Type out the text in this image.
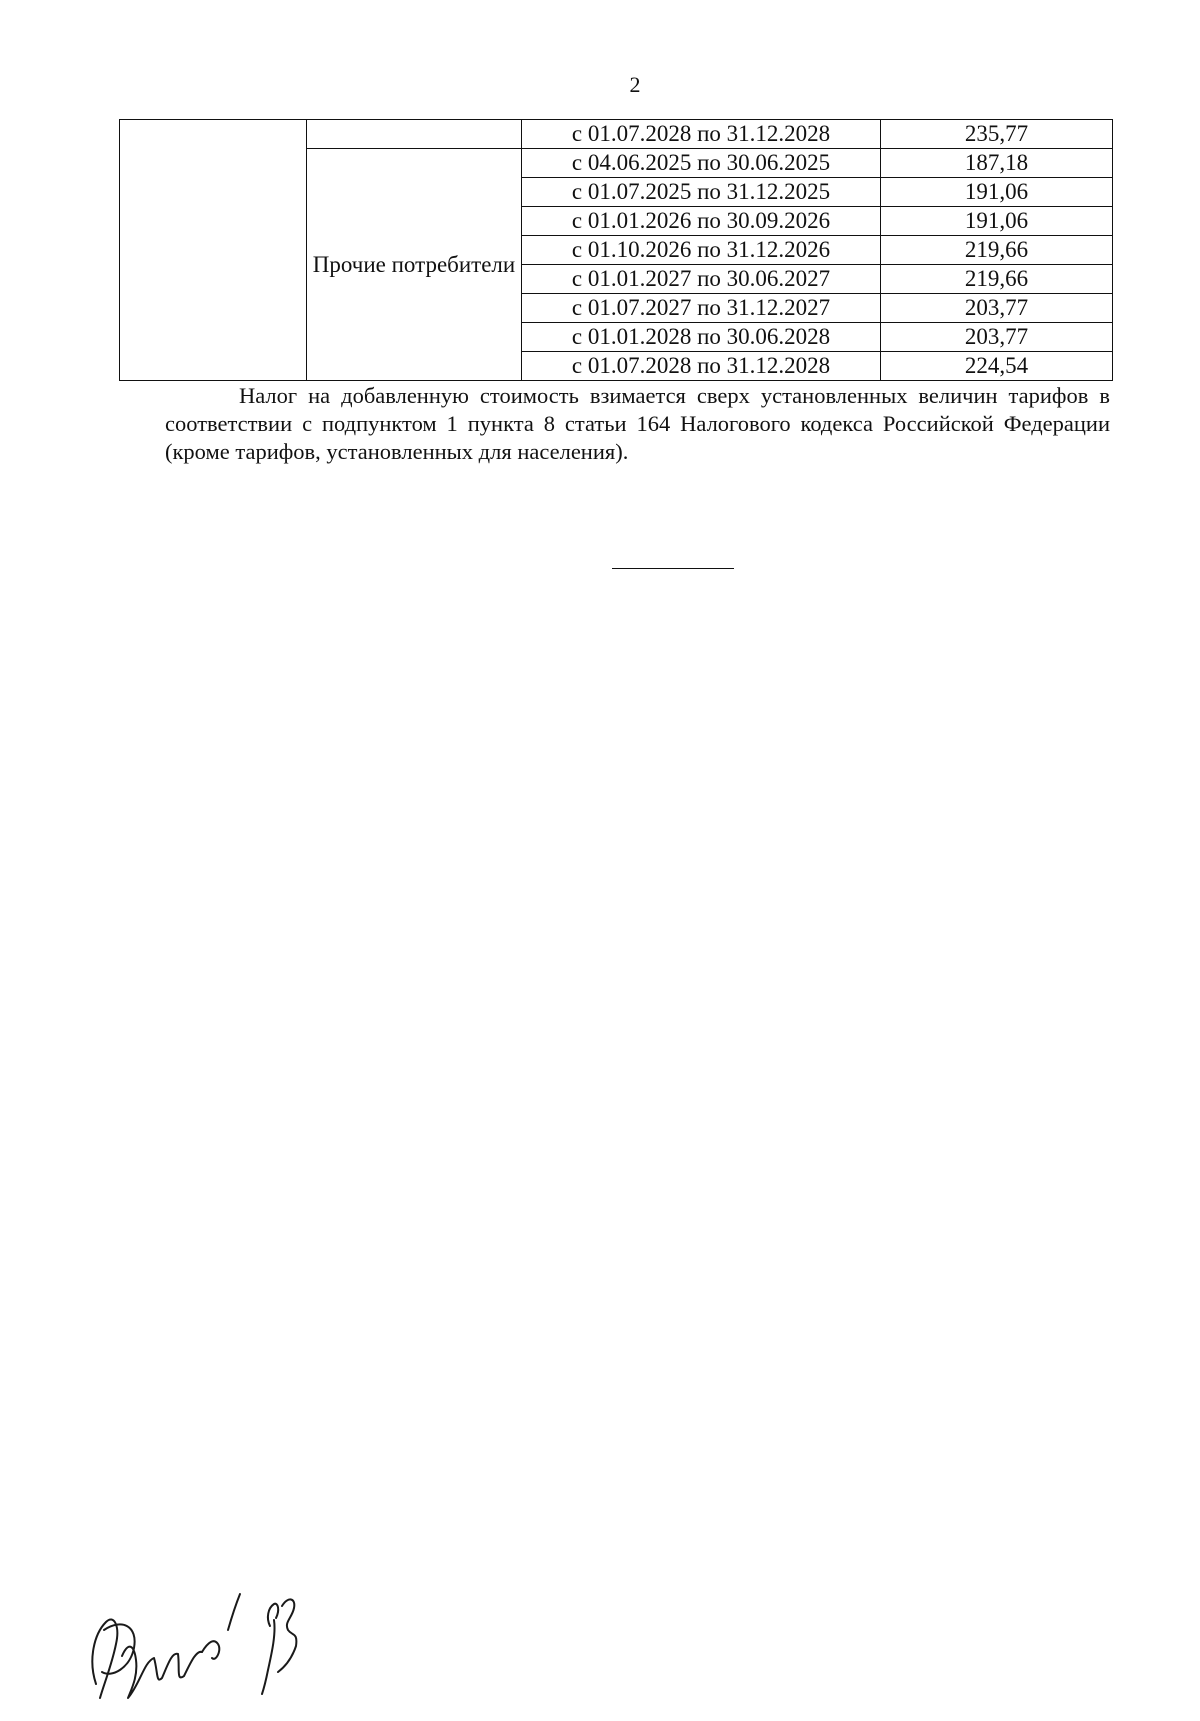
2
		с 01.07.2028 по 31.12.2028	235,77
	Прочие потребители	с 04.06.2025 по 30.06.2025	187,18
		с 01.07.2025 по 31.12.2025	191,06
		с 01.01.2026 по 30.09.2026	191,06
		с 01.10.2026 по 31.12.2026	219,66
		с 01.01.2027 по 30.06.2027	219,66
		с 01.07.2027 по 31.12.2027	203,77
		с 01.01.2028 по 30.06.2028	203,77
		с 01.07.2028 по 31.12.2028	224,54

Налог на добавленную стоимость взимается сверх установленных величин тарифов в соответствии с подпунктом 1 пункта 8 статьи 164 Налогового кодекса Российской Федерации (кроме тарифов, установленных для населения).
